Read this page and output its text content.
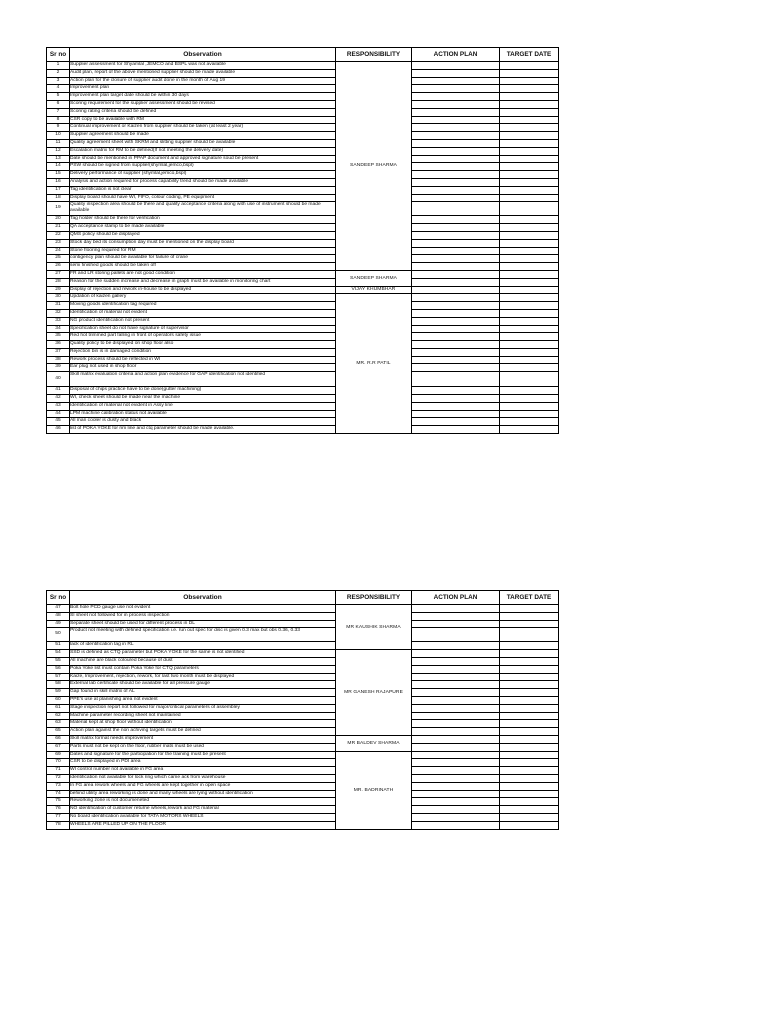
Sr no	Observation	RESPONSIBILITY	ACTION PLAN	TARGET DATE
1	Supplier assessment for Shyamlal ,JEMCO and BSPL was not available	SANDEEP SHARMA		
2	Audit plan, report of the above mentioned supplier should be made available			
3	Action plan for the closure of supplier audit done in the month of Aug 19			
4	Improvement plan			
5	Improvement plan target date should be within 30 days			
6	Scoring requirement for the supplier assessment should be revised			
7	Scoring rating criteria should be defined			
8	CSR copy to be available with RM			
9	Continual improvement or Kaizen from supplier should be taken (at least 2 year)			
10	Supplier agreement should be made			
11	Quality agreement sheet with SKRM and slitting supplier should be available			
12	Escalation matrix for RM to be defined(If not meeting the delivery date)			
13	Date should be mentioned in PPAP document and approved signature soud be present			
14	PSW should be signed from supplier(shymlal,jemco,bspl)			
15	Delivery performance of supplier (shymlal,jemco,bspl)			
16	Analysis and action required for process capability trend should be made available			
17	Tag identification is not clear			
18	Display board should have WI, FIFO, colour coding, PE equipment			
19	Quality inspection area should be there and quality acceptance criteria along with use of instrument should be made available			
20	Tag holder should be there for verification			
21	QA acceptance stamp to be made available			
22	QMS policy should be displayed			
23	Stock day bed its consumption day must be mentioned on the display board			
24	Stone flooring required for RM			
25	contigency plan should be available for failure of crane			
26	semi finished goods should be taken off			
27	FR and LR storing pallets are not good condition	SANDEEP SHARMA		
28	Reason for the sudden increase and decrease in graph must be available in monitoring chart			
29	Display of rejection and rework in-house to be displayed	VIJAY KHUMBHAR		
30	Updation of kaizen gallery	MR. R.R PATIL		
31	Moving goods identification tag required			
32	Identification of material not evident			
33	NG product identification not present			
34	Specification sheet do not have signature of supervisor			
35	Red hot trimmed part falling in front of operators safety issue			
36	Quality policy to be displayed on shop floor also			
37	Rejection bin is in damaged condition			
38	Rework process should be reflected in WI			
39	Ear plug not used in shop floor			
40	Skill matrix evaluation criteria and action plan evidence for GAP identification not identified			
41	Disposal of chips practice have to be done(gutter machining)			
42	WI, check sheet should be made near the machine			
43	Identification of material not evident in Assy line			
44	LPM machine calibration status not available			
45	All man cooler is dusty and black			
46	list of POKA YOKE for rim line and ctq parameter should be made available.			
Sr no	Observation	RESPONSIBILITY	ACTION PLAN	TARGET DATE
47	Bolt hole PCD gauge use not evident	MR KAUSHIK SHARMA		
48	SI sheet not followed for in process inspection			
49	Separate sheet should be used for different process in DL			
50	Product not meeting with defined specification i.e. run out spec for disc is given 0.3 max but obs 0.36, 0.33			
51	lack of identification tag in RL			
54	SSD is defined as CTQ parameter but POKA YOKE for the same is not identified	MR GANESH RAJAPURE		
55	All machine are black coloured because of dust			
56	Poka Yoke list must contain Poka Yoke for CTQ parameters			
57	Kaize, Improvement, rejection, rework, for last two month must be displayed			
58	External lab certificate should be available for all pressure gauge			
59	Gap found in skill matrix of AL			
60	PPE's use at planishing area not evident			
61	Stage inspection report not followed for major/critical parameters of assembley			
62	Machine parameter recording sheet not maintained			
63	Material kept at shop floor without identification			
65	Action plan against the non achiving targets must be defined			
66	Skill matrix format needs improvement	MR BALDEV SHARMA		
67	Parts must not be kept on the floor, rubber mats must be used			
69	Dates and signature for the participation for the training must be present	MR. BADRINATH		
70	CSR to be displayed in PDI area			
71	WI control number not available in FG area			
72	Identification not available for lock ring which came ack from warehouse			
73	In FG area rework wheels and FG wheels are kept together in open space			
74	behind utility area reworking is done and many wheels are lying without identification			
75	Reworking zone is not documeneted			
76	NO identification of customer returne wheels,rework and FG material			
77	No board identification available for TATA MOTORS WHEELS			
78	WHEELS ARE PILLED UP ON THE FLOOR			
